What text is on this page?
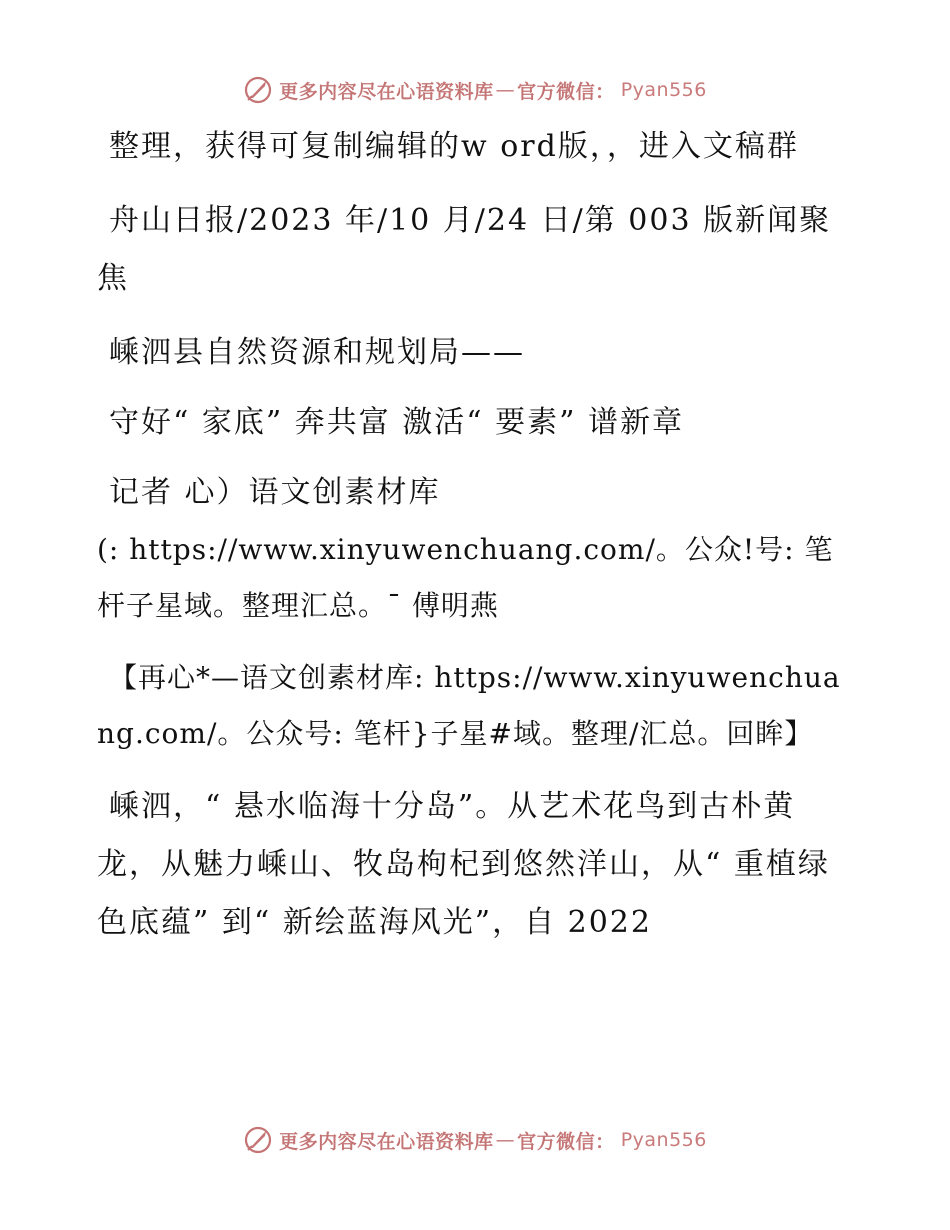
更多内容尽在心语资料库 — 官方微信： Pyan556

整理，获得可复制编辑的w ord版，，进入文稿群

舟山日报/2023 年/10 月/24 日/第 003 版新闻聚焦

嵊泗县自然资源和规划局——

守好“ 家底” 奔共富 激活“ 要素” 谱新章

记者 心）语文创素材库

(: https://www.xinyuwenchuang.com/。公众!号: 笔杆子星域。整理汇总。¯ 傅明燕

【再心*—语文创素材库: https://www.xinyuwenchuang.com/。公众号: 笔杆}子星#域。整理/汇总。回眸】

嵊泗，“ 悬水临海十分岛”。从艺术花鸟到古朴黄龙，从魅力嵊山、牧岛枸杞到悠然洋山，从“ 重植绿色底蕴” 到“ 新绘蓝海风光”，自 2022

更多内容尽在心语资料库 — 官方微信： Pyan556
